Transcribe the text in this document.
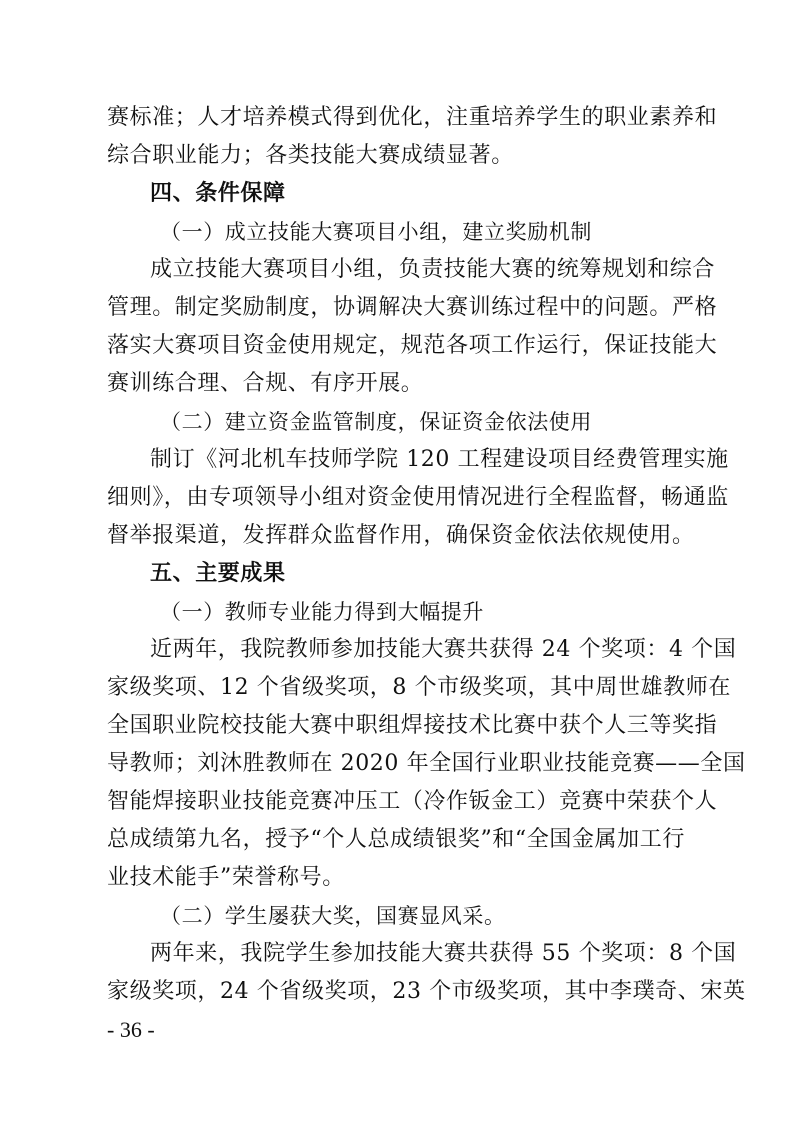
赛标准；人才培养模式得到优化，注重培养学生的职业素养和
综合职业能力；各类技能大赛成绩显著。
四、条件保障
（一）成立技能大赛项目小组，建立奖励机制
成立技能大赛项目小组，负责技能大赛的统筹规划和综合
管理。制定奖励制度，协调解决大赛训练过程中的问题。严格
落实大赛项目资金使用规定，规范各项工作运行，保证技能大
赛训练合理、合规、有序开展。
（二）建立资金监管制度，保证资金依法使用
制订《河北机车技师学院 120 工程建设项目经费管理实施
细则》，由专项领导小组对资金使用情况进行全程监督，畅通监
督举报渠道，发挥群众监督作用，确保资金依法依规使用。
五、主要成果
（一）教师专业能力得到大幅提升
近两年，我院教师参加技能大赛共获得 24 个奖项：4 个国
家级奖项、12 个省级奖项，8 个市级奖项，其中周世雄教师在
全国职业院校技能大赛中职组焊接技术比赛中获个人三等奖指
导教师；刘沐胜教师在 2020 年全国行业职业技能竞赛——全国
智能焊接职业技能竞赛冲压工（冷作钣金工）竞赛中荣获个人
总成绩第九名，授予“个人总成绩银奖”和“全国金属加工行
业技术能手”荣誉称号。
（二）学生屡获大奖，国赛显风采。
两年来，我院学生参加技能大赛共获得 55 个奖项：8 个国
家级奖项，24 个省级奖项，23 个市级奖项，其中李璞奇、宋英
- 36 -
